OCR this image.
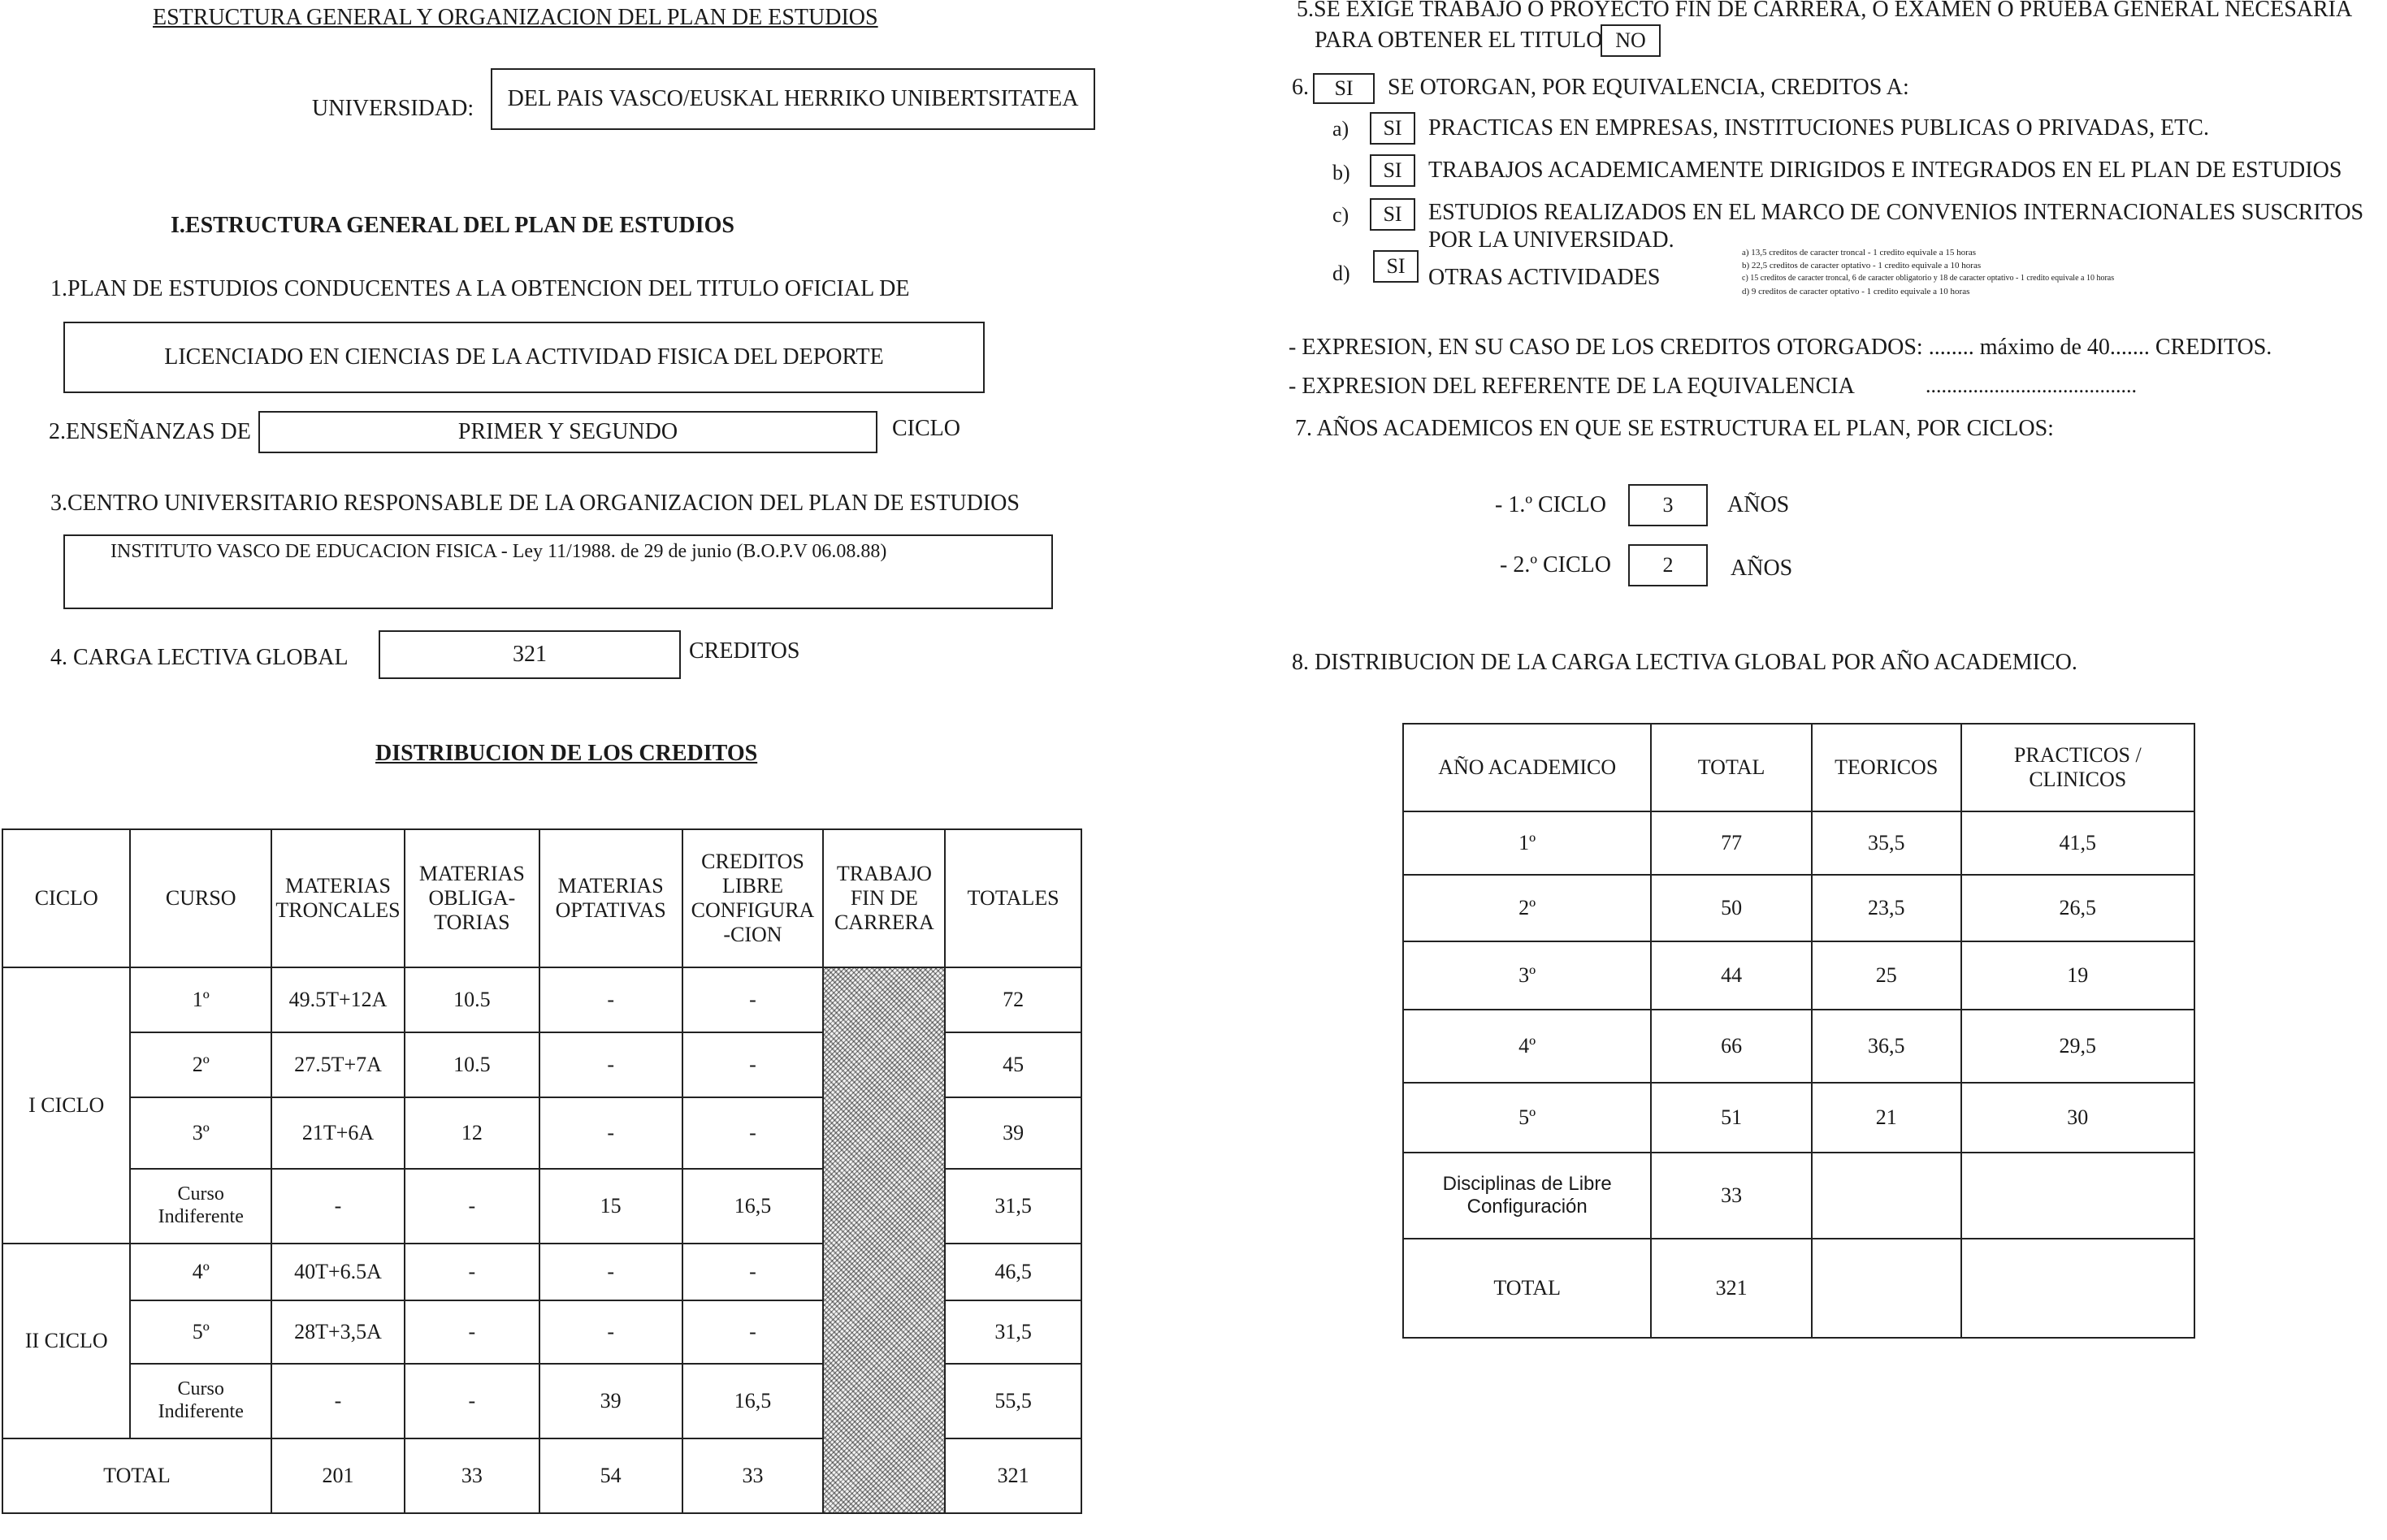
ESTRUCTURA GENERAL Y ORGANIZACION DEL PLAN DE ESTUDIOS
UNIVERSIDAD: DEL PAIS VASCO/EUSKAL HERRIKO UNIBERTSITATEA
I.ESTRUCTURA GENERAL DEL PLAN DE ESTUDIOS
1.PLAN DE ESTUDIOS CONDUCENTES A LA OBTENCION DEL TITULO OFICIAL DE
LICENCIADO EN CIENCIAS DE LA ACTIVIDAD FISICA DEL DEPORTE
2.ENSEÑANZAS DE	PRIMER Y SEGUNDO	CICLO
3.CENTRO UNIVERSITARIO RESPONSABLE DE LA ORGANIZACION DEL PLAN DE ESTUDIOS
INSTITUTO VASCO DE EDUCACION FISICA - Ley 11/1988. de 29 de junio (B.O.P.V 06.08.88)
4. CARGA LECTIVA GLOBAL	321	CREDITOS
DISTRIBUCION DE LOS CREDITOS
CICLO	CURSO	MATERIAS TRONCALES	MATERIAS OBLIGA-TORIAS	MATERIAS OPTATIVAS	CREDITOS LIBRE CONFIGURA -CION	TRABAJO FIN DE CARRERA	TOTALES
I CICLO	1º	49.5T+12A	10.5	-	-		72
	2º	27.5T+7A	10.5	-	-		45
	3º	21T+6A	12	-	-		39
	Curso Indiferente	-	-	15	16,5		31,5
II CICLO	4º	40T+6.5A	-	-	-		46,5
	5º	28T+3,5A	-	-	-		31,5
	Curso Indiferente	-	-	39	16,5		55,5
TOTAL		201	33	54	33		321
5.SE EXIGE TRABAJO O PROYECTO FIN DE CARRERA, O EXAMEN O PRUEBA GENERAL NECESARIA
PARA OBTENER EL TITULO NO
6. SI SE OTORGAN, POR EQUIVALENCIA, CREDITOS A:
a) SI PRACTICAS EN EMPRESAS, INSTITUCIONES PUBLICAS O PRIVADAS, ETC.
b) SI TRABAJOS ACADEMICAMENTE DIRIGIDOS E INTEGRADOS EN EL PLAN DE ESTUDIOS
c) SI ESTUDIOS REALIZADOS EN EL MARCO DE CONVENIOS INTERNACIONALES SUSCRITOS
POR LA UNIVERSIDAD.
d) SI OTRAS ACTIVIDADES
a) 13,5 creditos de caracter troncal - 1 credito equivale a 15 horas
b) 22,5 creditos de caracter optativo - 1 credito equivale a 10 horas
c) 15 creditos de caracter troncal, 6 de caracter obligatorio y 18 de caracter optativo - 1 credito equivale a 10 horas
d) 9 creditos de caracter optativo - 1 credito equivale a 10 horas
- EXPRESION, EN SU CASO DE LOS CREDITOS OTORGADOS: ........ máximo de 40....... CREDITOS.
- EXPRESION DEL REFERENTE DE LA EQUIVALENCIA	........................................
7. AÑOS ACADEMICOS EN QUE SE ESTRUCTURA EL PLAN, POR CICLOS:
- 1.º CICLO	3 AÑOS
- 2.º CICLO 2	AÑOS
8. DISTRIBUCION DE LA CARGA LECTIVA GLOBAL POR AÑO ACADEMICO.
AÑO ACADEMICO	TOTAL	TEORICOS	PRACTICOS / CLINICOS
1º	77	35,5	41,5
2º	50	23,5	26,5
3º	44	25	19
4º	66	36,5	29,5
5º	51	21	30
Disciplinas de Libre Configuración	33		
TOTAL	321		
